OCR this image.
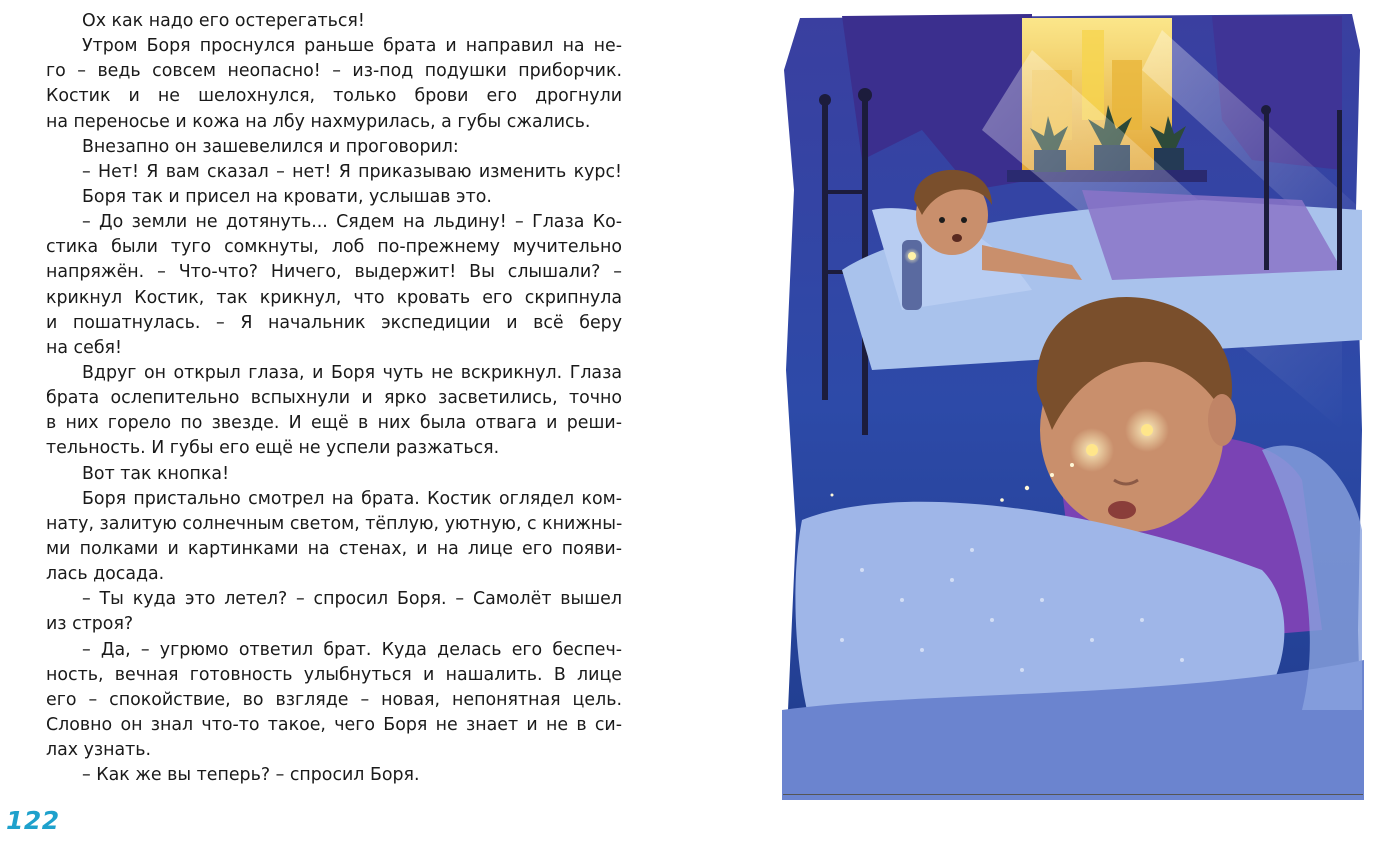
Ох как надо его остерегаться!
Утром Боря проснулся раньше брата и направил на не-
го – ведь совсем неопасно! – из-под подушки приборчик.
Костик и не шелохнулся, только брови его дрогнули
на переносье и кожа на лбу нахмурилась, а губы сжались.
Внезапно он зашевелился и проговорил:
– Нет! Я вам сказал – нет! Я приказываю изменить курс!
Боря так и присел на кровати, услышав это.
– До земли не дотянуть... Сядем на льдину! – Глаза Ко-
стика были туго сомкнуты, лоб по-прежнему мучительно
напряжён. – Что-что? Ничего, выдержит! Вы слышали? –
крикнул Костик, так крикнул, что кровать его скрипнула
и пошатнулась. – Я начальник экспедиции и всё беру
на себя!
Вдруг он открыл глаза, и Боря чуть не вскрикнул. Глаза
брата ослепительно вспыхнули и ярко засветились, точно
в них горело по звезде. И ещё в них была отвага и реши-
тельность. И губы его ещё не успели разжаться.
Вот так кнопка!
Боря пристально смотрел на брата. Костик оглядел ком-
нату, залитую солнечным светом, тёплую, уютную, с книжны-
ми полками и картинками на стенах, и на лице его появи-
лась досада.
– Ты куда это летел? – спросил Боря. – Самолёт вышел
из строя?
– Да, – угрюмо ответил брат. Куда делась его беспеч-
ность, вечная готовность улыбнуться и нашалить. В лице
его – спокойствие, во взгляде – новая, непонятная цель.
Словно он знал что-то такое, чего Боря не знает и не в си-
лах узнать.
– Как же вы теперь? – спросил Боря.
122
